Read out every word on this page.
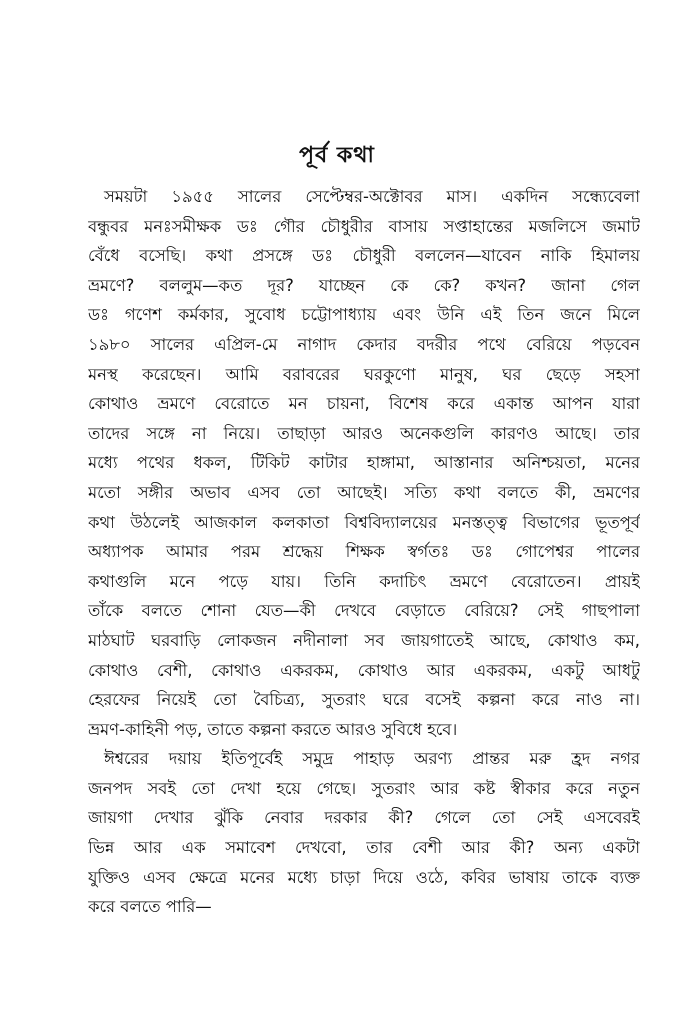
পূর্ব কথা
সময়টা ১৯৫৫ সালের সেপ্টেম্বর-অক্টোবর মাস। একদিন সন্ধ্যেবেলা
বন্ধুবর মনঃসমীক্ষক ডঃ গৌর চৌধুরীর বাসায় সপ্তাহান্তের মজলিসে জমাট
বেঁধে বসেছি। কথা প্রসঙ্গে ডঃ চৌধুরী বললেন—যাবেন নাকি হিমালয়
ভ্রমণে? বললুম—কত দূর? যাচ্ছেন কে কে? কখন? জানা গেল
ডঃ গণেশ কর্মকার, সুবোধ চট্টোপাধ্যায় এবং উনি এই তিন জনে মিলে
১৯৮০ সালের এপ্রিল-মে নাগাদ কেদার বদরীর পথে বেরিয়ে পড়বেন
মনস্থ করেছেন। আমি বরাবরের ঘরকুণো মানুষ, ঘর ছেড়ে সহসা
কোথাও ভ্রমণে বেরোতে মন চায়না, বিশেষ করে একান্ত আপন যারা
তাদের সঙ্গে না নিয়ে। তাছাড়া আরও অনেকগুলি কারণও আছে। তার
মধ্যে পথের ধকল, টিকিট কাটার হাঙ্গামা, আস্তানার অনিশ্চয়তা, মনের
মতো সঙ্গীর অভাব এসব তো আছেই। সত্যি কথা বলতে কী, ভ্রমণের
কথা উঠলেই আজকাল কলকাতা বিশ্ববিদ্যালয়ের মনস্তত্ত্ব বিভাগের ভূতপূর্ব
অধ্যাপক আমার পরম শ্রদ্ধেয় শিক্ষক স্বর্গতঃ ডঃ গোপেশ্বর পালের
কথাগুলি মনে পড়ে যায়। তিনি কদাচিৎ ভ্রমণে বেরোতেন। প্রায়ই
তাঁকে বলতে শোনা যেত—কী দেখবে বেড়াতে বেরিয়ে? সেই গাছপালা
মাঠঘাট ঘরবাড়ি লোকজন নদীনালা সব জায়গাতেই আছে, কোথাও কম,
কোথাও বেশী, কোথাও একরকম, কোথাও আর একরকম, একটু আধটু
হেরফের নিয়েই তো বৈচিত্র্য, সুতরাং ঘরে বসেই কল্পনা করে নাও না।
ভ্রমণ-কাহিনী পড়, তাতে কল্পনা করতে আরও সুবিধে হবে।
ঈশ্বরের দয়ায় ইতিপূর্বেই সমুদ্র পাহাড় অরণ্য প্রান্তর মরু হ্রদ নগর
জনপদ সবই তো দেখা হয়ে গেছে। সুতরাং আর কষ্ট স্বীকার করে নতুন
জায়গা দেখার ঝুঁকি নেবার দরকার কী? গেলে তো সেই এসবেরই
ভিন্ন আর এক সমাবেশ দেখবো, তার বেশী আর কী? অন্য একটা
যুক্তিও এসব ক্ষেত্রে মনের মধ্যে চাড়া দিয়ে ওঠে, কবির ভাষায় তাকে ব্যক্ত
করে বলতে পারি—
